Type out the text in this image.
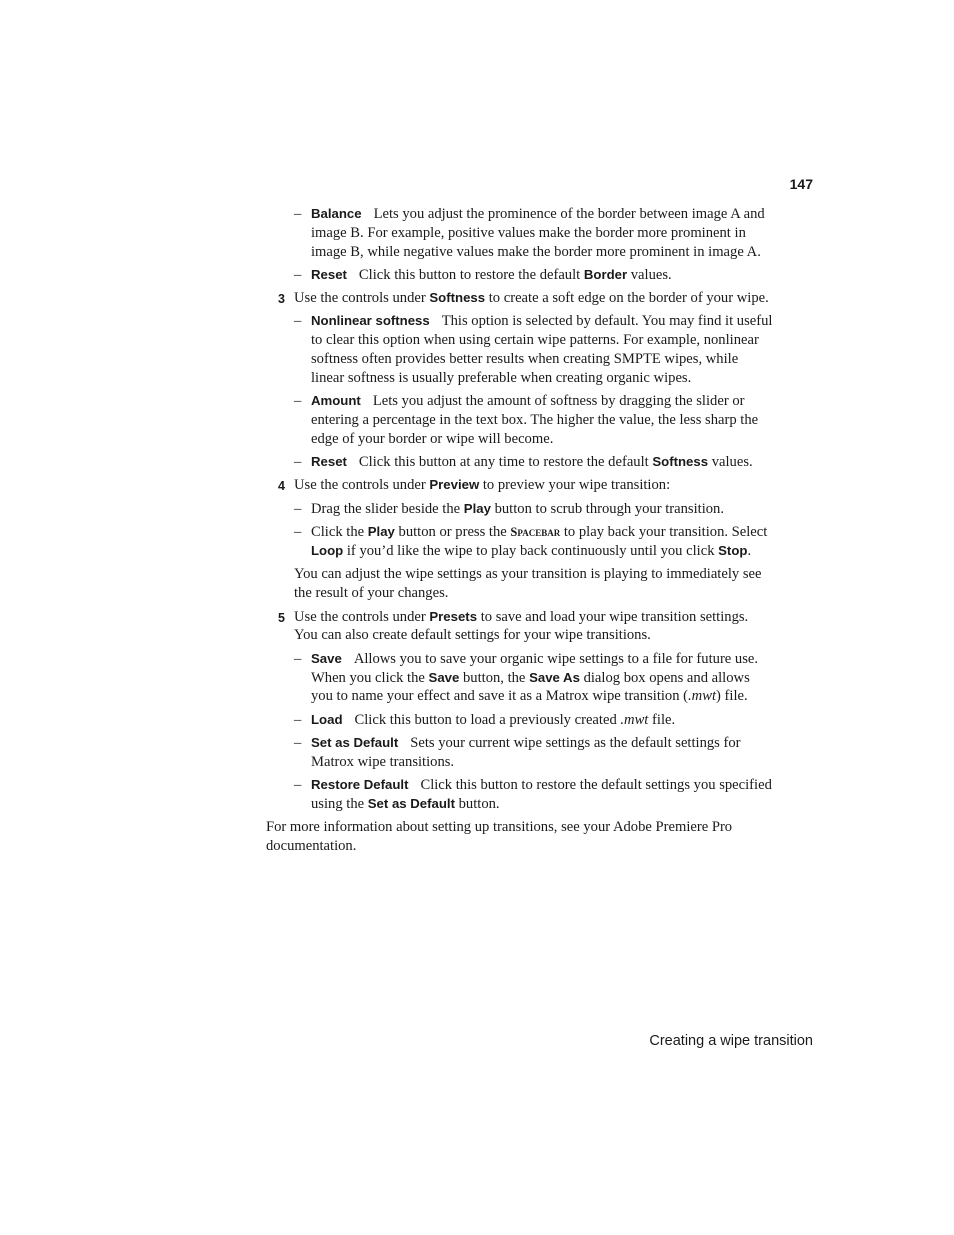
147
– Balance Lets you adjust the prominence of the border between image A and image B. For example, positive values make the border more prominent in image B, while negative values make the border more prominent in image A.
– Reset Click this button to restore the default Border values.
3 Use the controls under Softness to create a soft edge on the border of your wipe.
– Nonlinear softness This option is selected by default. You may find it useful to clear this option when using certain wipe patterns. For example, nonlinear softness often provides better results when creating SMPTE wipes, while linear softness is usually preferable when creating organic wipes.
– Amount Lets you adjust the amount of softness by dragging the slider or entering a percentage in the text box. The higher the value, the less sharp the edge of your border or wipe will become.
– Reset Click this button at any time to restore the default Softness values.
4 Use the controls under Preview to preview your wipe transition:
– Drag the slider beside the Play button to scrub through your transition.
– Click the Play button or press the Spacebar to play back your transition. Select Loop if you’d like the wipe to play back continuously until you click Stop.
You can adjust the wipe settings as your transition is playing to immediately see the result of your changes.
5 Use the controls under Presets to save and load your wipe transition settings. You can also create default settings for your wipe transitions.
– Save Allows you to save your organic wipe settings to a file for future use. When you click the Save button, the Save As dialog box opens and allows you to name your effect and save it as a Matrox wipe transition (.mwt) file.
– Load Click this button to load a previously created .mwt file.
– Set as Default Sets your current wipe settings as the default settings for Matrox wipe transitions.
– Restore Default Click this button to restore the default settings you specified using the Set as Default button.
For more information about setting up transitions, see your Adobe Premiere Pro documentation.
Creating a wipe transition
